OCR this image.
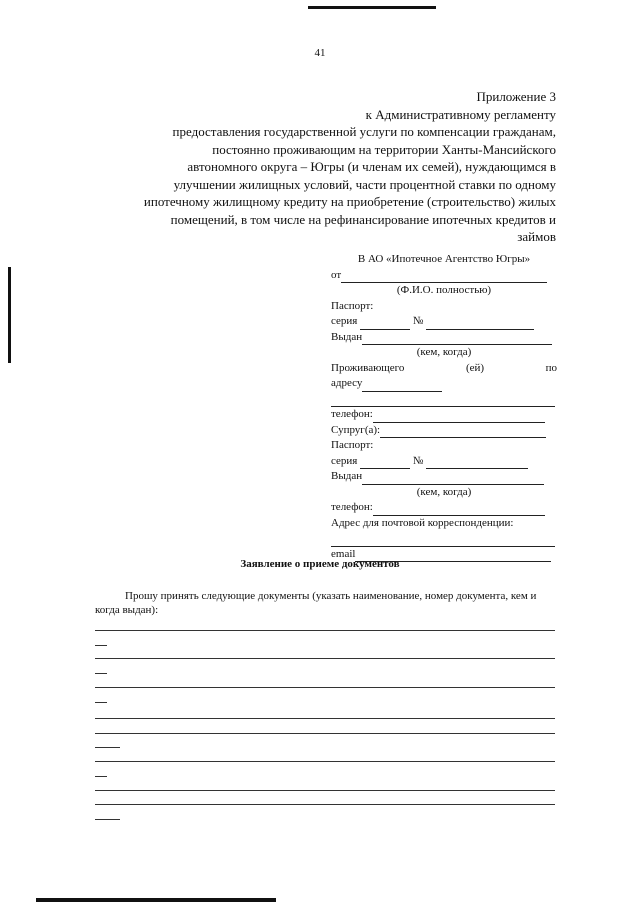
41
Приложение 3
к Административному регламенту
предоставления государственной услуги по компенсации гражданам,
постоянно проживающим на территории Ханты-Мансийского
автономного округа – Югры (и членам их семей), нуждающимся в
улучшении жилищных условий, части процентной ставки по одному
ипотечному жилищному кредиту на приобретение (строительство) жилых
помещений, в том числе на рефинансирование ипотечных кредитов и
займов
В АО «Ипотечное Агентство Югры»
от
(Ф.И.О. полностью)
Паспорт:
серия	№
Выдан
(кем, когда)
Проживающего	(ей)	по
адресу
телефон:
Супруг(а):
Паспорт:
серия	№
Выдан
(кем, когда)
телефон:
Адрес для почтовой корреспонденции:
email
Заявление о приеме документов
Прошу принять следующие документы (указать наименование, номер документа, кем и когда выдан):
